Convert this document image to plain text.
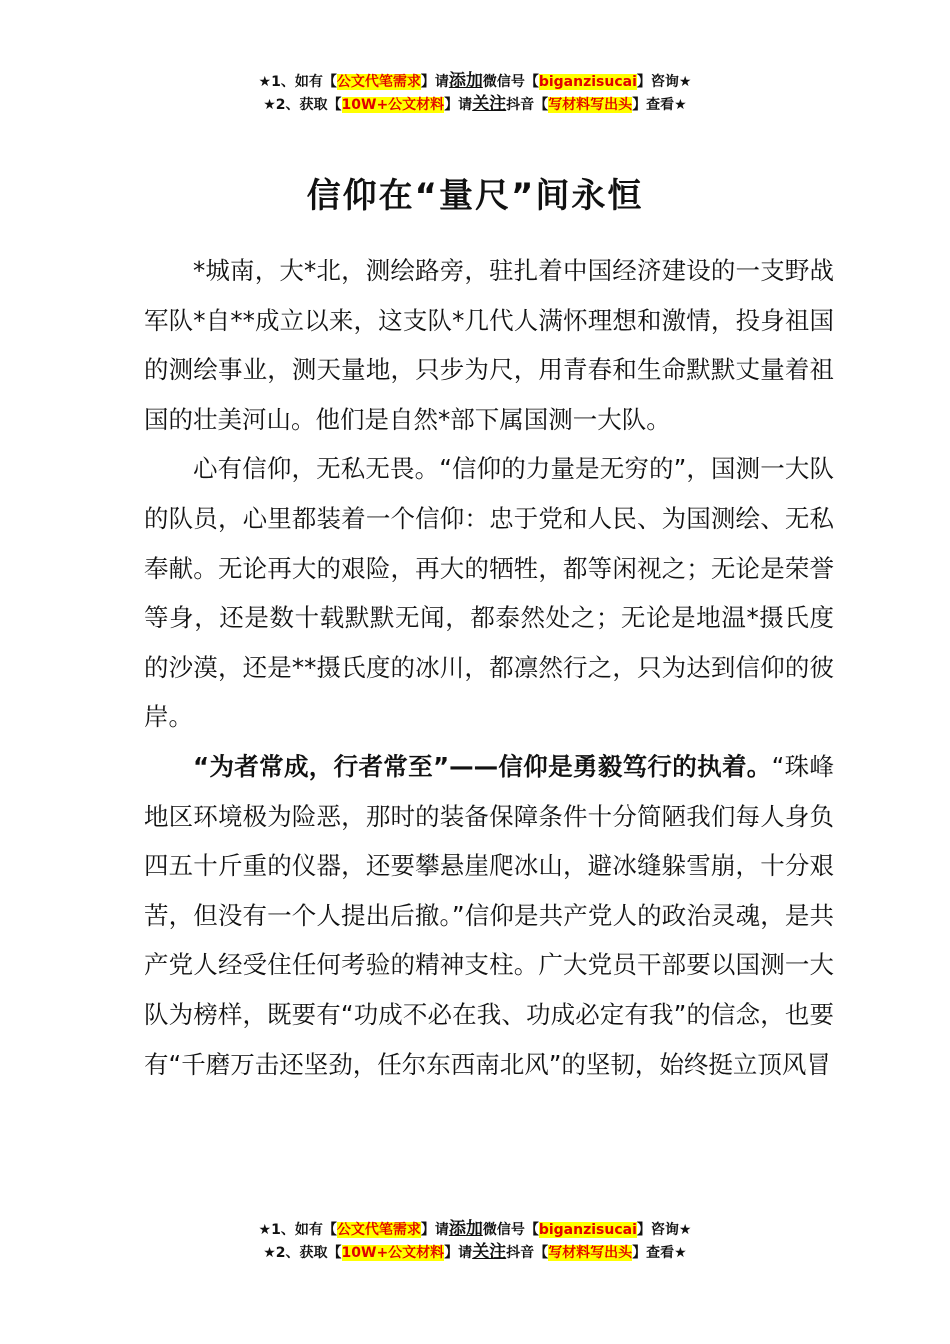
★1、如有【公文代笔需求】请添加微信号【biganzisucai】咨询★
★2、获取【10W+公文材料】请关注抖音【写材料写出头】查看★
信仰在“量尺”间永恒

*城南，大*北，测绘路旁，驻扎着中国经济建设的一支野战军队*自**成立以来，这支队*几代人满怀理想和激情，投身祖国的测绘事业，测天量地，只步为尺，用青春和生命默默丈量着祖国的壮美河山。他们是自然*部下属国测一大队。

心有信仰，无私无畏。“信仰的力量是无穷的”，国测一大队的队员，心里都装着一个信仰：忠于党和人民、为国测绘、无私奉献。无论再大的艰险，再大的牺牲，都等闲视之；无论是荣誉等身，还是数十载默默无闻，都泰然处之；无论是地温*摄氏度的沙漠，还是**摄氏度的冰川，都凛然行之，只为达到信仰的彼岸。

“为者常成，行者常至”——信仰是勇毅笃行的执着。“珠峰地区环境极为险恶，那时的装备保障条件十分简陋我们每人身负四五十斤重的仪器，还要攀悬崖爬冰山，避冰缝躲雪崩，十分艰苦，但没有一个人提出后撤。”信仰是共产党人的政治灵魂，是共产党人经受住任何考验的精神支柱。广大党员干部要以国测一大队为榜样，既要有“功成不必在我、功成必定有我”的信念，也要有“千磨万击还坚劲，任尔东西南北风”的坚韧，始终挺立顶风冒

★1、如有【公文代笔需求】请添加微信号【biganzisucai】咨询★
★2、获取【10W+公文材料】请关注抖音【写材料写出头】查看★
